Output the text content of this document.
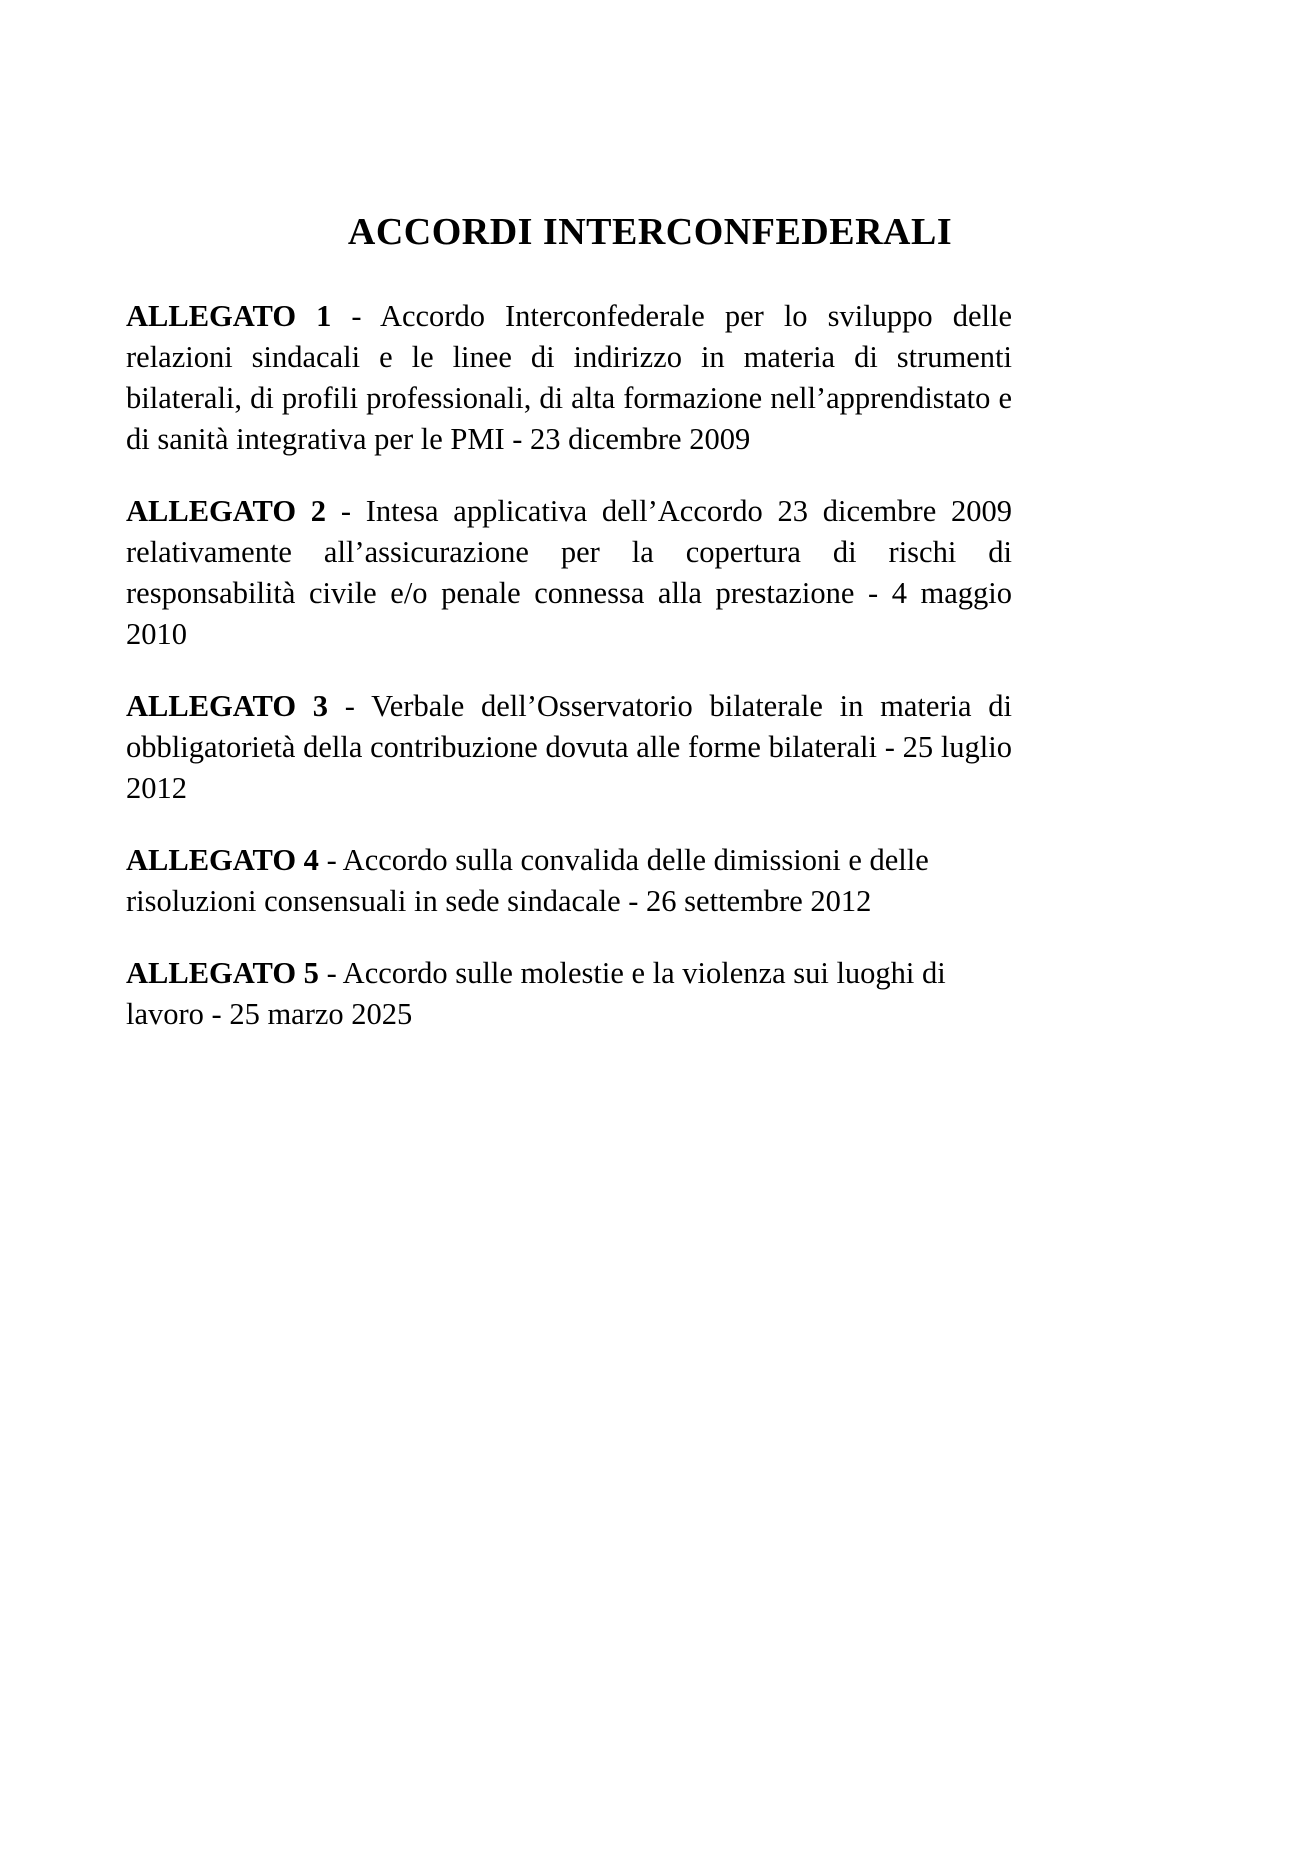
ACCORDI INTERCONFEDERALI

ALLEGATO 1 - Accordo Interconfederale per lo sviluppo delle relazioni sindacali e le linee di indirizzo in materia di strumenti bilaterali, di profili professionali, di alta formazione nell’apprendistato e di sanità integrativa per le PMI - 23 dicembre 2009

ALLEGATO 2 - Intesa applicativa dell’Accordo 23 dicembre 2009 relativamente all’assicurazione per la copertura di rischi di responsabilità civile e/o penale connessa alla prestazione - 4 maggio 2010

ALLEGATO 3 - Verbale dell’Osservatorio bilaterale in materia di obbligatorietà della contribuzione dovuta alle forme bilaterali - 25 luglio 2012

ALLEGATO 4 - Accordo sulla convalida delle dimissioni e delle risoluzioni consensuali in sede sindacale - 26 settembre 2012

ALLEGATO 5 - Accordo sulle molestie e la violenza sui luoghi di lavoro - 25 marzo 2025
